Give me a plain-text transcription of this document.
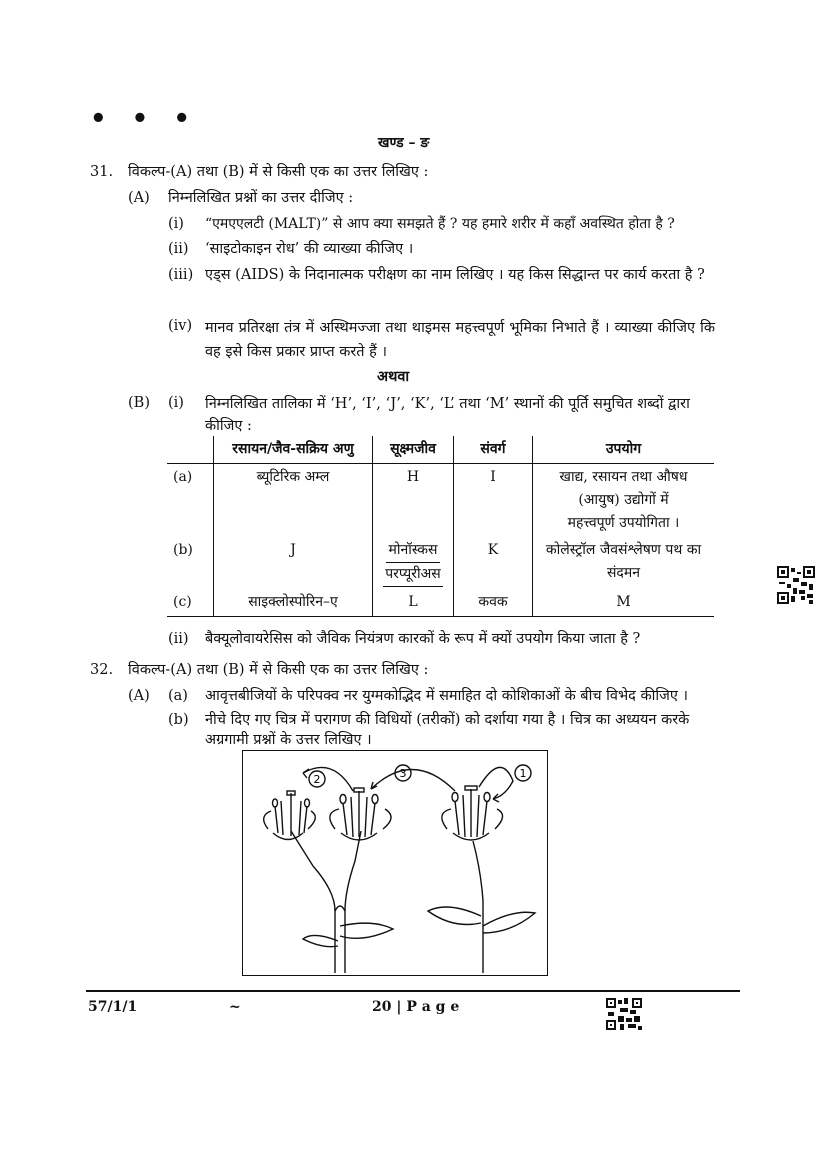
• • •
खण्ड – ङ
31. विकल्प-(A) तथा (B) में से किसी एक का उत्तर लिखिए :
(A) निम्नलिखित प्रश्नों का उत्तर दीजिए :
(i) “एमएएलटी (MALT)” से आप क्या समझते हैं ? यह हमारे शरीर में कहाँ अवस्थित होता है ?
(ii) ‘साइटोकाइन रोध’ की व्याख्या कीजिए ।
(iii) एड्स (AIDS) के निदानात्मक परीक्षण का नाम लिखिए । यह किस सिद्धान्त पर कार्य करता है ?
(iv) मानव प्रतिरक्षा तंत्र में अस्थिमज्जा तथा थाइमस महत्त्वपूर्ण भूमिका निभाते हैं । व्याख्या कीजिए कि वह इसे किस प्रकार प्राप्त करते हैं ।
अथवा
(B) (i) निम्नलिखित तालिका में ‘H’, ‘I’, ‘J’, ‘K’, ‘L’ तथा ‘M’ स्थानों की पूर्ति समुचित शब्दों द्वारा कीजिए :
	रसायन/जैव-सक्रिय अणु	सूक्ष्मजीव	संवर्ग	उपयोग
(a)	ब्यूटिरिक अम्ल	H	I	खाद्य, रसायन तथा औषध (आयुष) उद्योगों में महत्त्वपूर्ण उपयोगिता ।
(b)	J	मोनॉस्कस परप्यूरीअस	K	कोलेस्ट्रॉल जैवसंश्लेषण पथ का संदमन
(c)	साइक्लोस्पोरिन–ए	L	कवक	M
(ii) बैक्यूलोवायरेसिस को जैविक नियंत्रण कारकों के रूप में क्यों उपयोग किया जाता है ?
32. विकल्प-(A) तथा (B) में से किसी एक का उत्तर लिखिए :
(A) (a) आवृत्तबीजियों के परिपक्व नर युग्मकोद्भिद में समाहित दो कोशिकाओं के बीच विभेद कीजिए ।
(b) नीचे दिए गए चित्र में परागण की विधियों (तरीकों) को दर्शाया गया है । चित्र का अध्ययन करके अग्रगामी प्रश्नों के उत्तर लिखिए ।
2	3	1
57/1/1	~	20 | P a g e
